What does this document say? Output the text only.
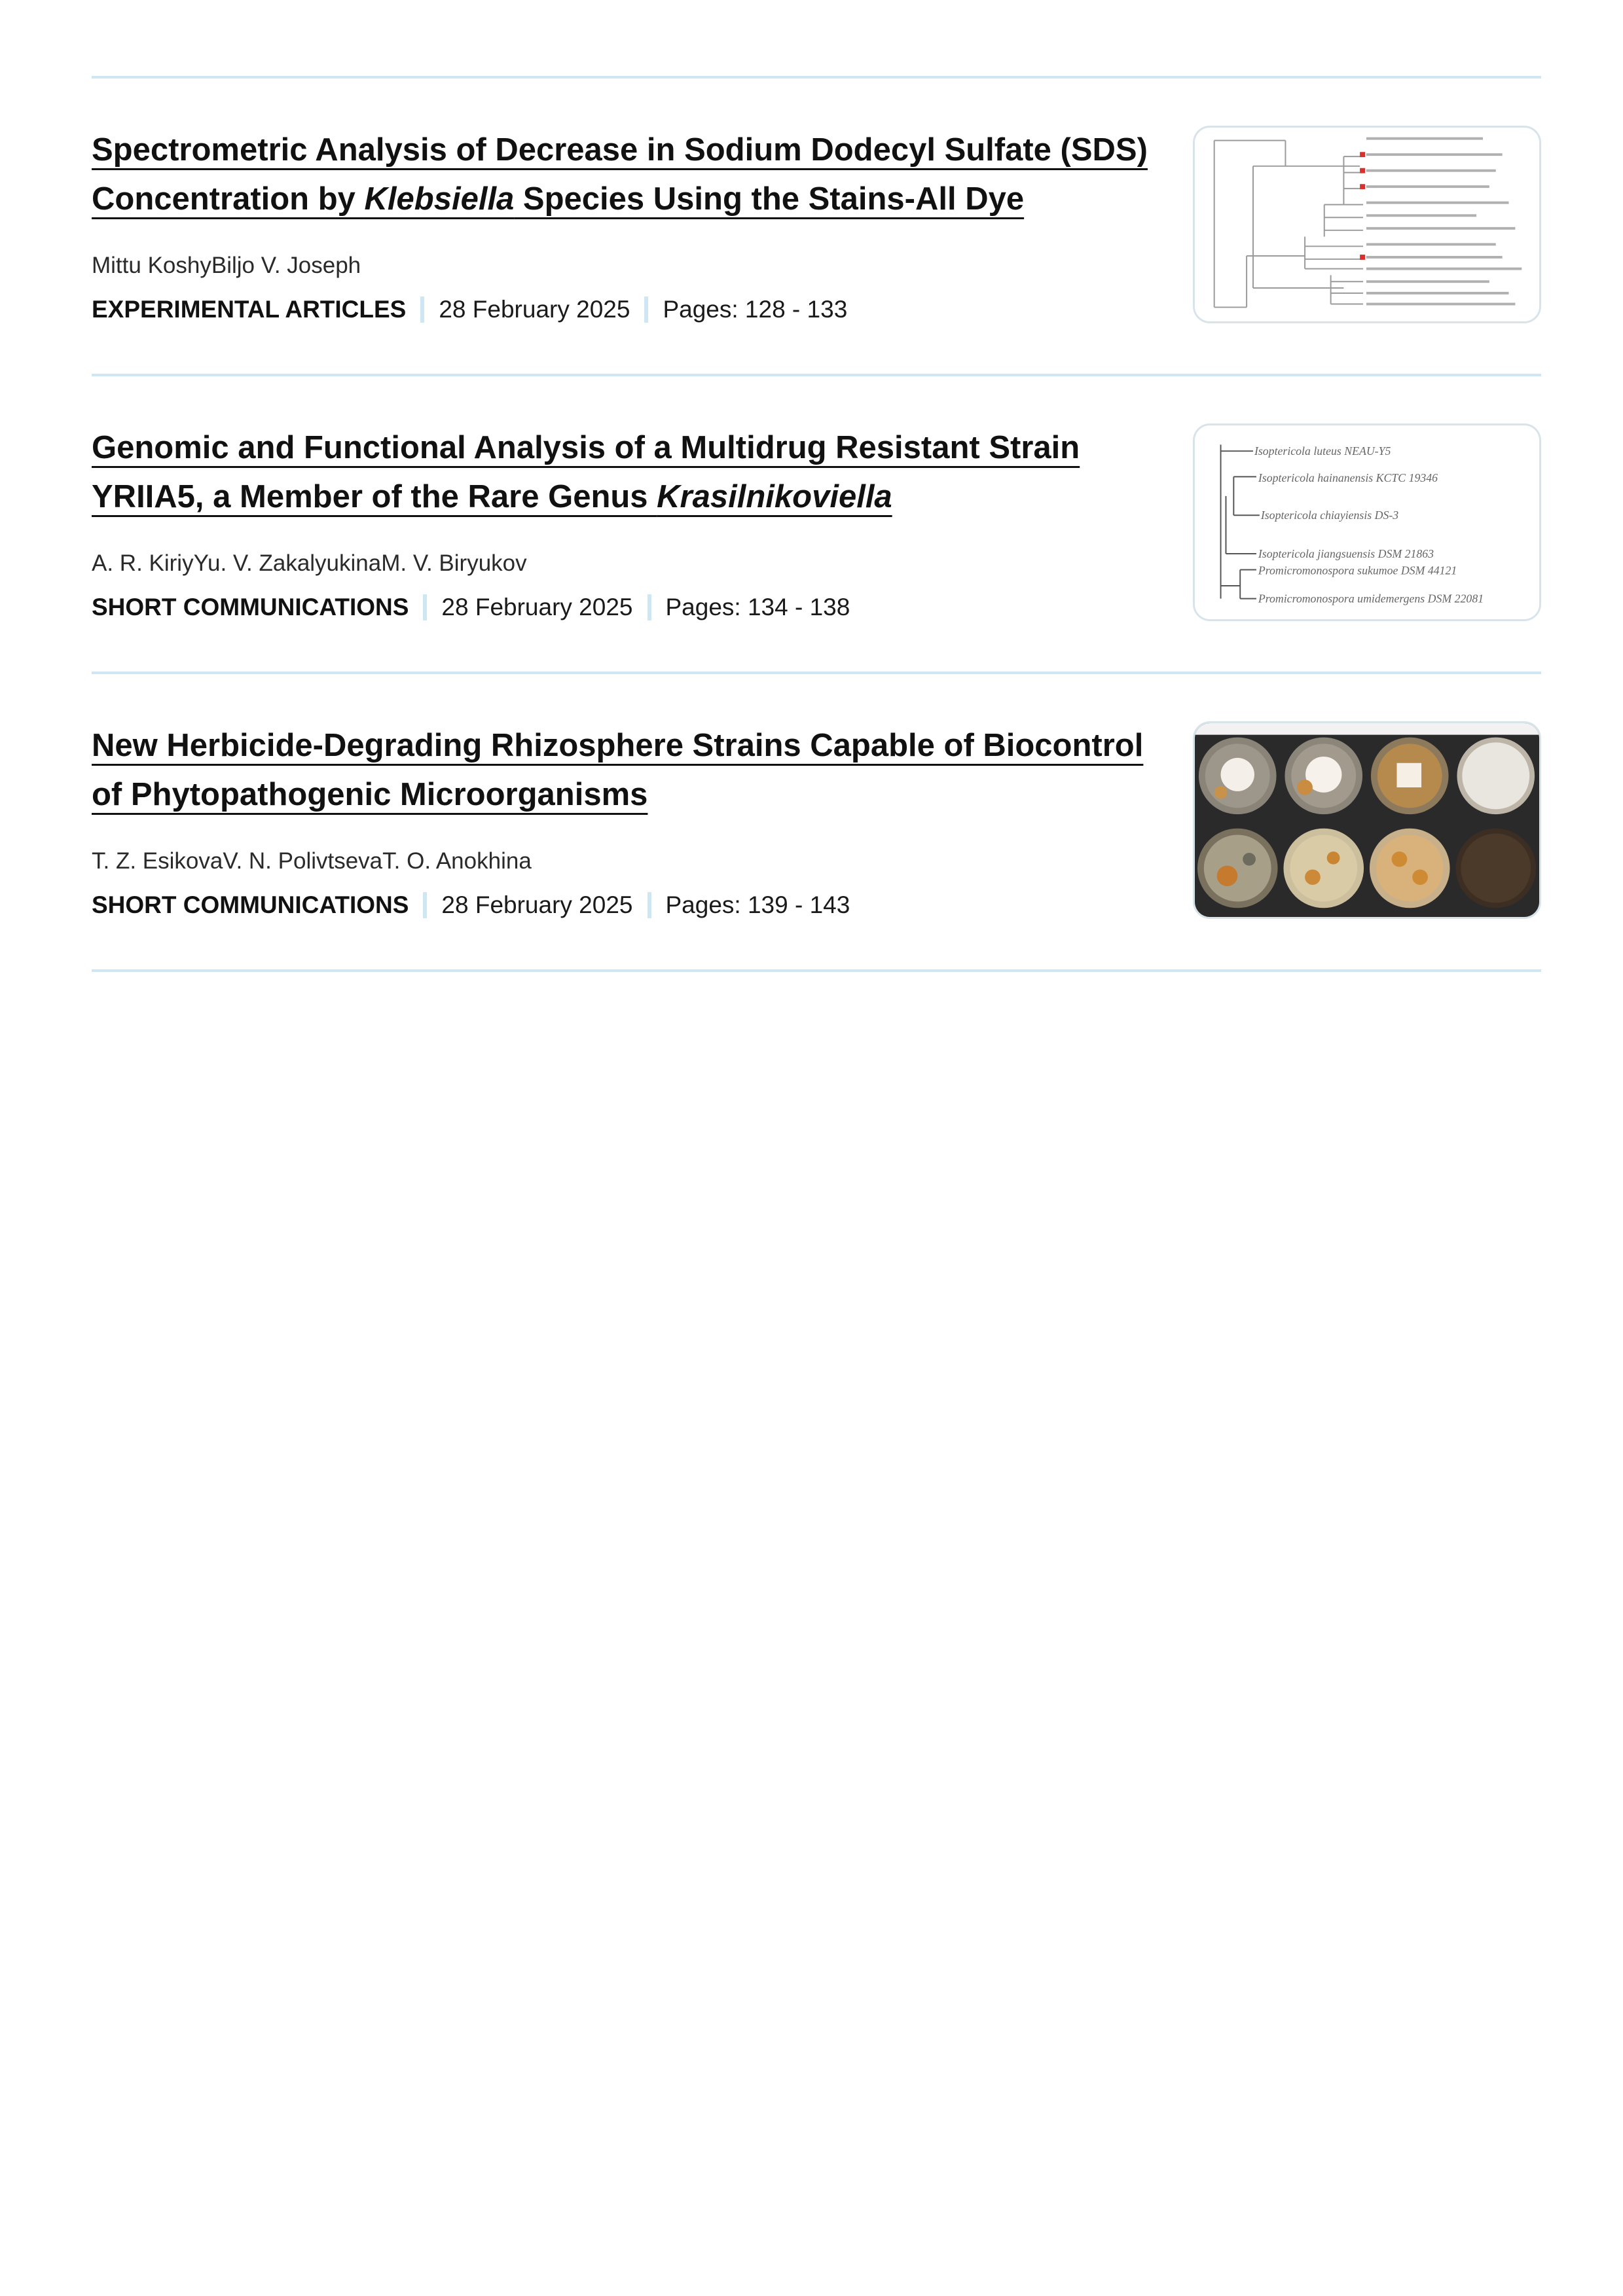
Spectrometric Analysis of Decrease in Sodium Dodecyl Sulfate (SDS) Concentration by Klebsiella Species Using the Stains-All Dye
Mittu KoshyBiljo V. Joseph
EXPERIMENTAL ARTICLES 28 February 2025 Pages: 128 - 133
Genomic and Functional Analysis of a Multidrug Resistant Strain YRIIA5, a Member of the Rare Genus Krasilnikoviella
A. R. KiriyYu. V. ZakalyukinaM. V. Biryukov
SHORT COMMUNICATIONS 28 February 2025 Pages: 134 - 138
Isoptericola luteus NEAU-Y5
Isoptericola hainanensis KCTC 19346
Isoptericola chiayiensis DS-3
Isoptericola jiangsuensis DSM 21863
Promicromonospora sukumoe DSM 44121
Promicromonospora umidemergens DSM 22081
New Herbicide-Degrading Rhizosphere Strains Capable of Biocontrol of Phytopathogenic Microorganisms
T. Z. EsikovaV. N. PolivtsevaT. O. Anokhina
SHORT COMMUNICATIONS 28 February 2025 Pages: 139 - 143
